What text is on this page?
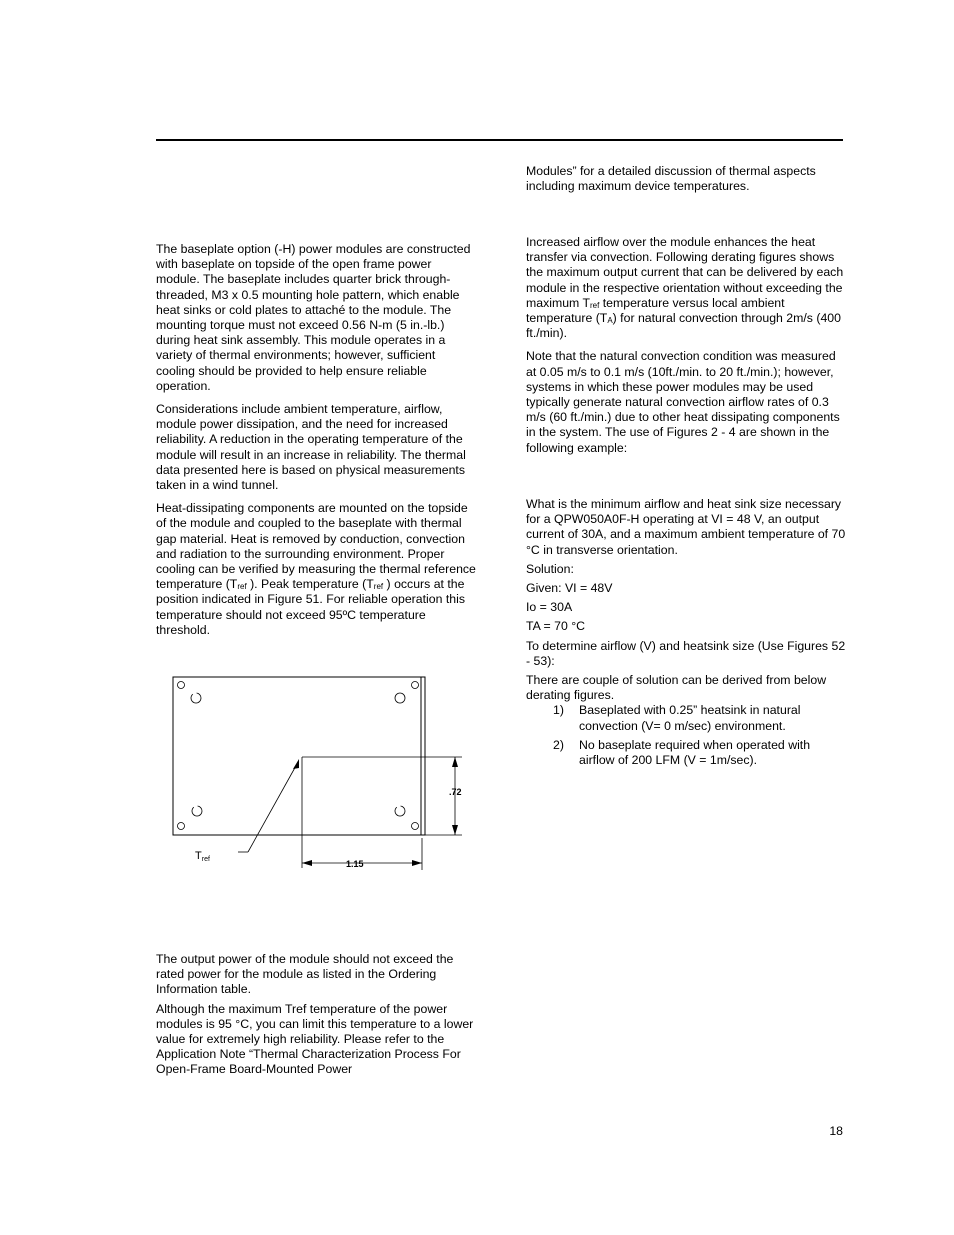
The baseplate option (-H) power modules are constructed with baseplate on topside of the open frame power module. The baseplate includes quarter brick through-threaded, M3 x 0.5 mounting hole pattern, which enable heat sinks or cold plates to attaché to the module. The mounting torque must not exceed 0.56 N-m (5 in.-lb.) during heat sink assembly. This module operates in a variety of thermal environments; however, sufficient cooling should be provided to help ensure reliable operation.

Considerations include ambient temperature, airflow, module power dissipation, and the need for increased reliability. A reduction in the operating temperature of the module will result in an increase in reliability. The thermal data presented here is based on physical measurements taken in a wind tunnel.

Heat-dissipating components are mounted on the topside of the module and coupled to the baseplate with thermal gap material. Heat is removed by conduction, convection and radiation to the surrounding environment. Proper cooling can be verified by measuring the thermal reference temperature ($T_{ref}$ ). Peak temperature ($T_{ref}$ ) occurs at the position indicated in Figure 51. For reliable operation this temperature should not exceed 95ºC temperature threshold.

.72
1.15
Tref

The output power of the module should not exceed the rated power for the module as listed in the Ordering Information table.

Although the maximum Tref temperature of the power modules is 95 °C, you can limit this temperature to a lower value for extremely high reliability. Please refer to the Application Note “Thermal Characterization Process For Open-Frame Board-Mounted Power

Modules” for a detailed discussion of thermal aspects including maximum device temperatures.

Increased airflow over the module enhances the heat transfer via convection. Following derating figures shows the maximum output current that can be delivered by each module in the respective orientation without exceeding the maximum $T_{ref}$ temperature versus local ambient temperature $(T_A)$ for natural convection through 2m/s (400 ft./min).

Note that the natural convection condition was measured at 0.05 m/s to 0.1 m/s (10ft./min. to 20 ft./min.); however, systems in which these power modules may be used typically generate natural convection airflow rates of 0.3 m/s (60 ft./min.) due to other heat dissipating components in the system. The use of Figures 2 - 4 are shown in the following example:

What is the minimum airflow and heat sink size necessary for a QPW050A0F-H operating at VI = 48 V, an output current of 30A, and a maximum ambient temperature of 70 °C in transverse orientation.

Solution:

Given: VI = 48V

Io = 30A

TA = 70 °C

To determine airflow (V) and heatsink size (Use Figures 52 - 53):

There are couple of solution can be derived from below derating figures.

1) Baseplated with 0.25” heatsink in natural convection (V= 0 m/sec) environment.
2) No baseplate required when operated with airflow of 200 LFM (V = 1m/sec).
18
